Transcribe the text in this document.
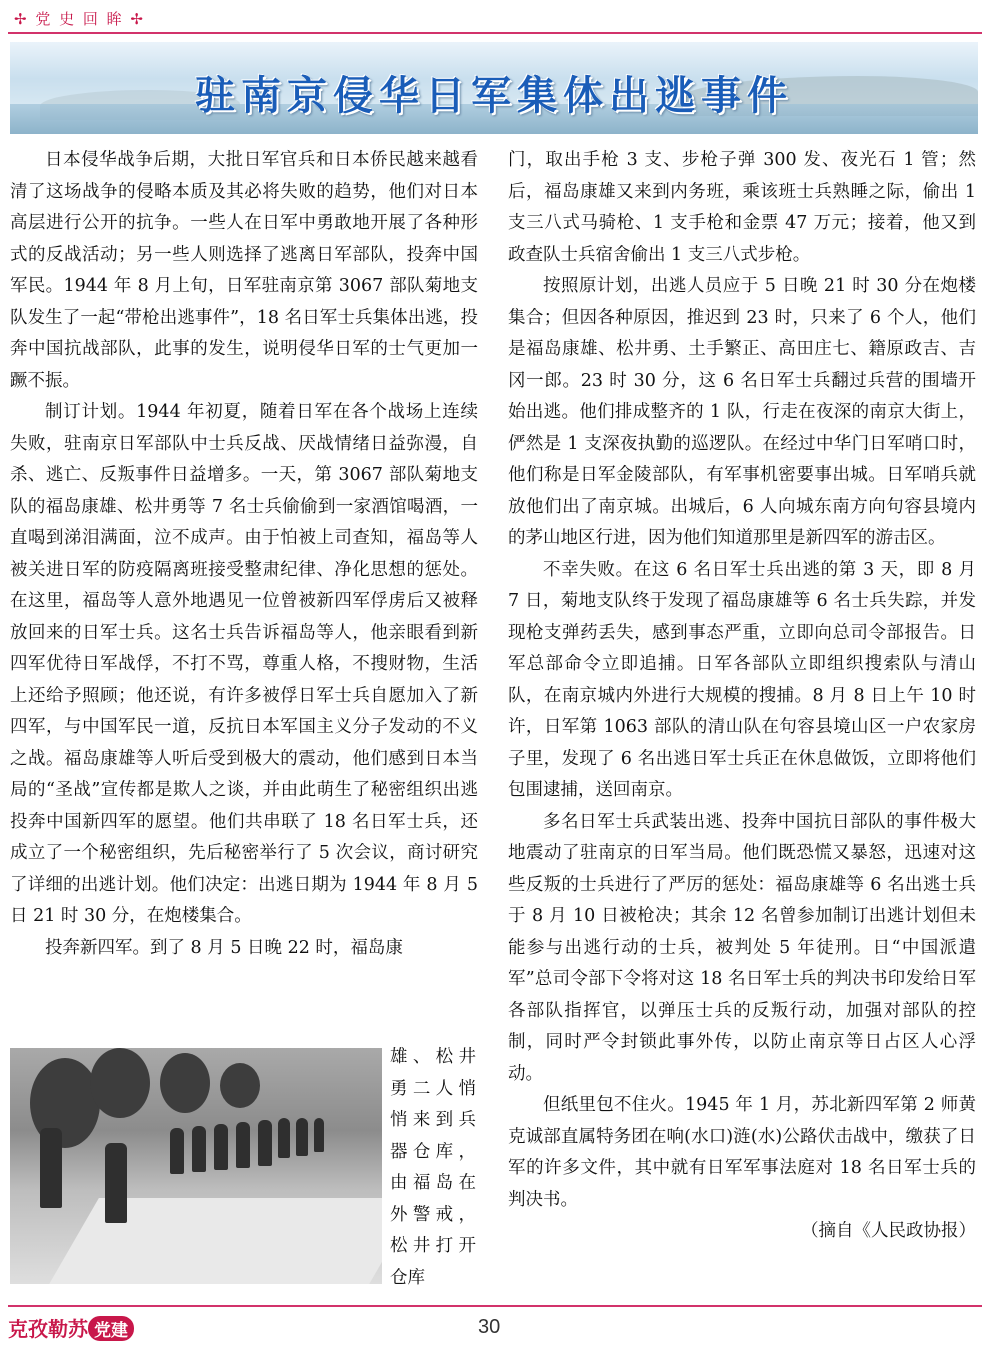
✢ 党 史 回 眸 ✢
驻南京侵华日军集体出逃事件

日本侵华战争后期，大批日军官兵和日本侨民越来越看清了这场战争的侵略本质及其必将失败的趋势，他们对日本高层进行公开的抗争。一些人在日军中勇敢地开展了各种形式的反战活动；另一些人则选择了逃离日军部队，投奔中国军民。1944 年 8 月上旬，日军驻南京第 3067 部队菊地支队发生了一起“带枪出逃事件”，18 名日军士兵集体出逃，投奔中国抗战部队，此事的发生，说明侵华日军的士气更加一蹶不振。

制订计划。1944 年初夏，随着日军在各个战场上连续失败，驻南京日军部队中士兵反战、厌战情绪日益弥漫，自杀、逃亡、反叛事件日益增多。一天，第 3067 部队菊地支队的福岛康雄、松井勇等 7 名士兵偷偷到一家酒馆喝酒，一直喝到涕泪满面，泣不成声。由于怕被上司查知，福岛等人被关进日军的防疫隔离班接受整肃纪律、净化思想的惩处。在这里，福岛等人意外地遇见一位曾被新四军俘虏后又被释放回来的日军士兵。这名士兵告诉福岛等人，他亲眼看到新四军优待日军战俘，不打不骂，尊重人格，不搜财物，生活上还给予照顾；他还说，有许多被俘日军士兵自愿加入了新四军，与中国军民一道，反抗日本军国主义分子发动的不义之战。福岛康雄等人听后受到极大的震动，他们感到日本当局的“圣战”宣传都是欺人之谈，并由此萌生了秘密组织出逃投奔中国新四军的愿望。他们共串联了 18 名日军士兵，还成立了一个秘密组织，先后秘密举行了 5 次会议，商讨研究了详细的出逃计划。他们决定：出逃日期为 1944 年 8 月 5 日 21 时 30 分，在炮楼集合。

投奔新四军。到了 8 月 5 日晚 22 时，福岛康

雄、松井勇二人悄悄来到兵器仓库，由福岛在外警戒，松井打开仓库

门，取出手枪 3 支、步枪子弹 300 发、夜光石 1 管；然后，福岛康雄又来到内务班，乘该班士兵熟睡之际，偷出 1 支三八式马骑枪、1 支手枪和金票 47 万元；接着，他又到政查队士兵宿舍偷出 1 支三八式步枪。

按照原计划，出逃人员应于 5 日晚 21 时 30 分在炮楼集合；但因各种原因，推迟到 23 时，只来了 6 个人，他们是福岛康雄、松井勇、土手繁正、高田庄七、籍原政吉、吉冈一郎。23 时 30 分，这 6 名日军士兵翻过兵营的围墙开始出逃。他们排成整齐的 1 队，行走在夜深的南京大街上，俨然是 1 支深夜执勤的巡逻队。在经过中华门日军哨口时，他们称是日军金陵部队，有军事机密要事出城。日军哨兵就放他们出了南京城。出城后，6 人向城东南方向句容县境内的茅山地区行进，因为他们知道那里是新四军的游击区。

不幸失败。在这 6 名日军士兵出逃的第 3 天，即 8 月 7 日，菊地支队终于发现了福岛康雄等 6 名士兵失踪，并发现枪支弹药丢失，感到事态严重，立即向总司令部报告。日军总部命令立即追捕。日军各部队立即组织搜索队与清山队，在南京城内外进行大规模的搜捕。8 月 8 日上午 10 时许，日军第 1063 部队的清山队在句容县境山区一户农家房子里，发现了 6 名出逃日军士兵正在休息做饭，立即将他们包围逮捕，送回南京。

多名日军士兵武装出逃、投奔中国抗日部队的事件极大地震动了驻南京的日军当局。他们既恐慌又暴怒，迅速对这些反叛的士兵进行了严厉的惩处：福岛康雄等 6 名出逃士兵于 8 月 10 日被枪决；其余 12 名曾参加制订出逃计划但未能参与出逃行动的士兵，被判处 5 年徒刑。日“中国派遣军”总司令部下令将对这 18 名日军士兵的判决书印发给日军各部队指挥官，以弹压士兵的反叛行动，加强对部队的控制，同时严令封锁此事外传，以防止南京等日占区人心浮动。

但纸里包不住火。1945 年 1 月，苏北新四军第 2 师黄克诚部直属特务团在响(水口)涟(水)公路伏击战中，缴获了日军的许多文件，其中就有日军军事法庭对 18 名日军士兵的判决书。

（摘自《人民政协报）

克孜勒苏 党建	30
